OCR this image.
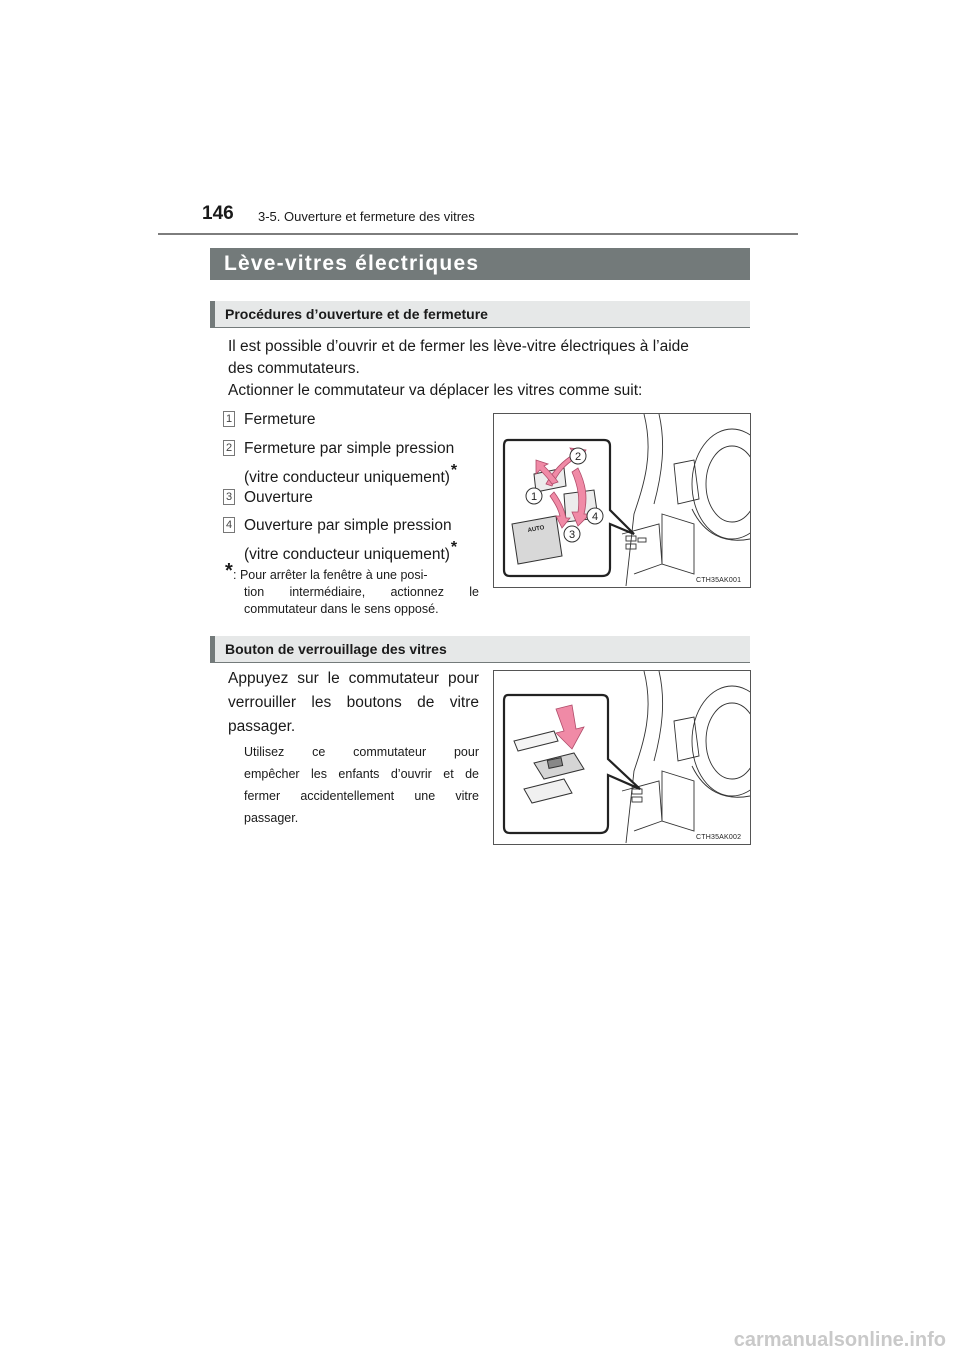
146 3-5. Ouverture et fermeture des vitres
Lève-vitres électriques
Procédures d’ouverture et de fermeture
Il est possible d’ouvrir et de fermer les lève-vitre électriques à l’aide
des commutateurs.
Actionner le commutateur va déplacer les vitres comme suit:
1 Fermeture
2 Fermeture par simple pression
(vitre conducteur uniquement)*
3 Ouverture
4 Ouverture par simple pression
(vitre conducteur uniquement)*
* : Pour arrêter la fenêtre à une posi-
tion intermédiaire, actionnez le
commutateur dans le sens opposé.
AUTO
2
1
4
3
CTH35AK001
Bouton de verrouillage des vitres
Appuyez sur le commutateur pour
verrouiller les boutons de vitre
passager.
Utilisez ce commutateur pour
empêcher les enfants d’ouvrir et de
fermer accidentellement une vitre
passager.
CTH35AK002
carmanualsonline.info
